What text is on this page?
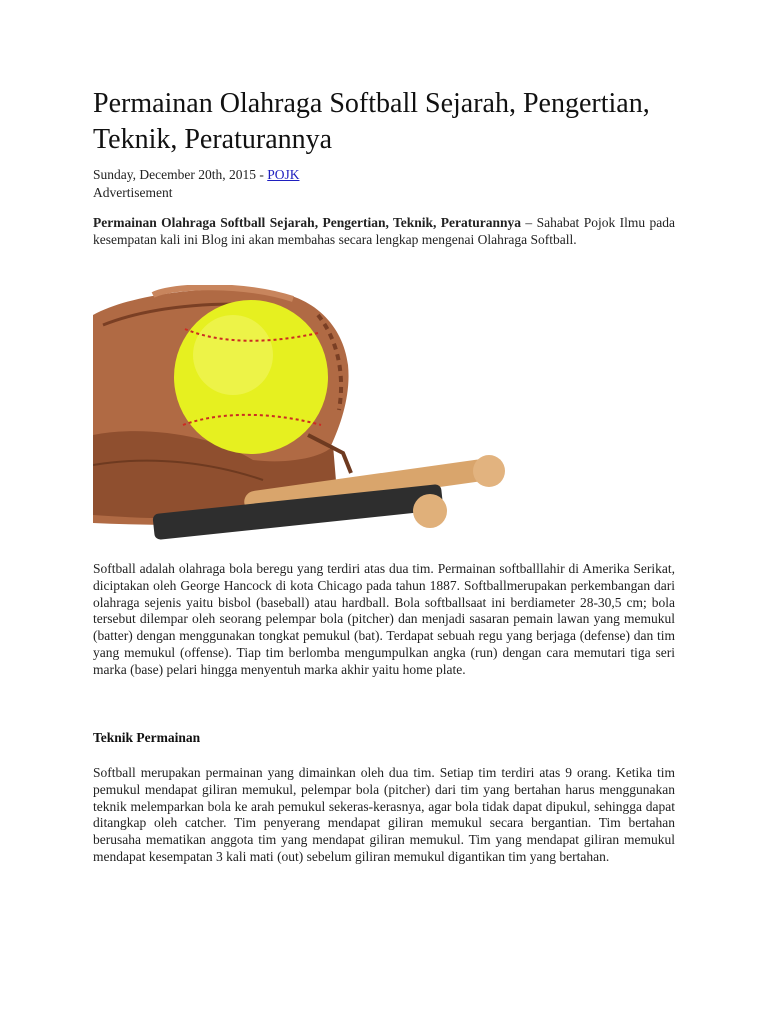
Permainan Olahraga Softball Sejarah, Pengertian, Teknik, Peraturannya
Sunday, December 20th, 2015 - POJK
Advertisement

Permainan Olahraga Softball Sejarah, Pengertian, Teknik, Peraturannya – Sahabat Pojok Ilmu pada kesempatan kali ini Blog ini akan membahas secara lengkap mengenai Olahraga Softball.

Softball adalah olahraga bola beregu yang terdiri atas dua tim. Permainan softballlahir di Amerika Serikat, diciptakan oleh George Hancock di kota Chicago pada tahun 1887. Softballmerupakan perkembangan dari olahraga sejenis yaitu bisbol (baseball) atau hardball. Bola softballsaat ini berdiameter 28-30,5 cm; bola tersebut dilempar oleh seorang pelempar bola (pitcher) dan menjadi sasaran pemain lawan yang memukul (batter) dengan menggunakan tongkat pemukul (bat). Terdapat sebuah regu yang berjaga (defense) dan tim yang memukul (offense). Tiap tim berlomba mengumpulkan angka (run) dengan cara memutari tiga seri marka (base) pelari hingga menyentuh marka akhir yaitu home plate.

Teknik Permainan

Softball merupakan permainan yang dimainkan oleh dua tim. Setiap tim terdiri atas 9 orang. Ketika tim pemukul mendapat giliran memukul, pelempar bola (pitcher) dari tim yang bertahan harus menggunakan teknik melemparkan bola ke arah pemukul sekeras-kerasnya, agar bola tidak dapat dipukul, sehingga dapat ditangkap oleh catcher. Tim penyerang mendapat giliran memukul secara bergantian. Tim bertahan berusaha mematikan anggota tim yang mendapat giliran memukul. Tim yang mendapat giliran memukul mendapat kesempatan 3 kali mati (out) sebelum giliran memukul digantikan tim yang bertahan.
